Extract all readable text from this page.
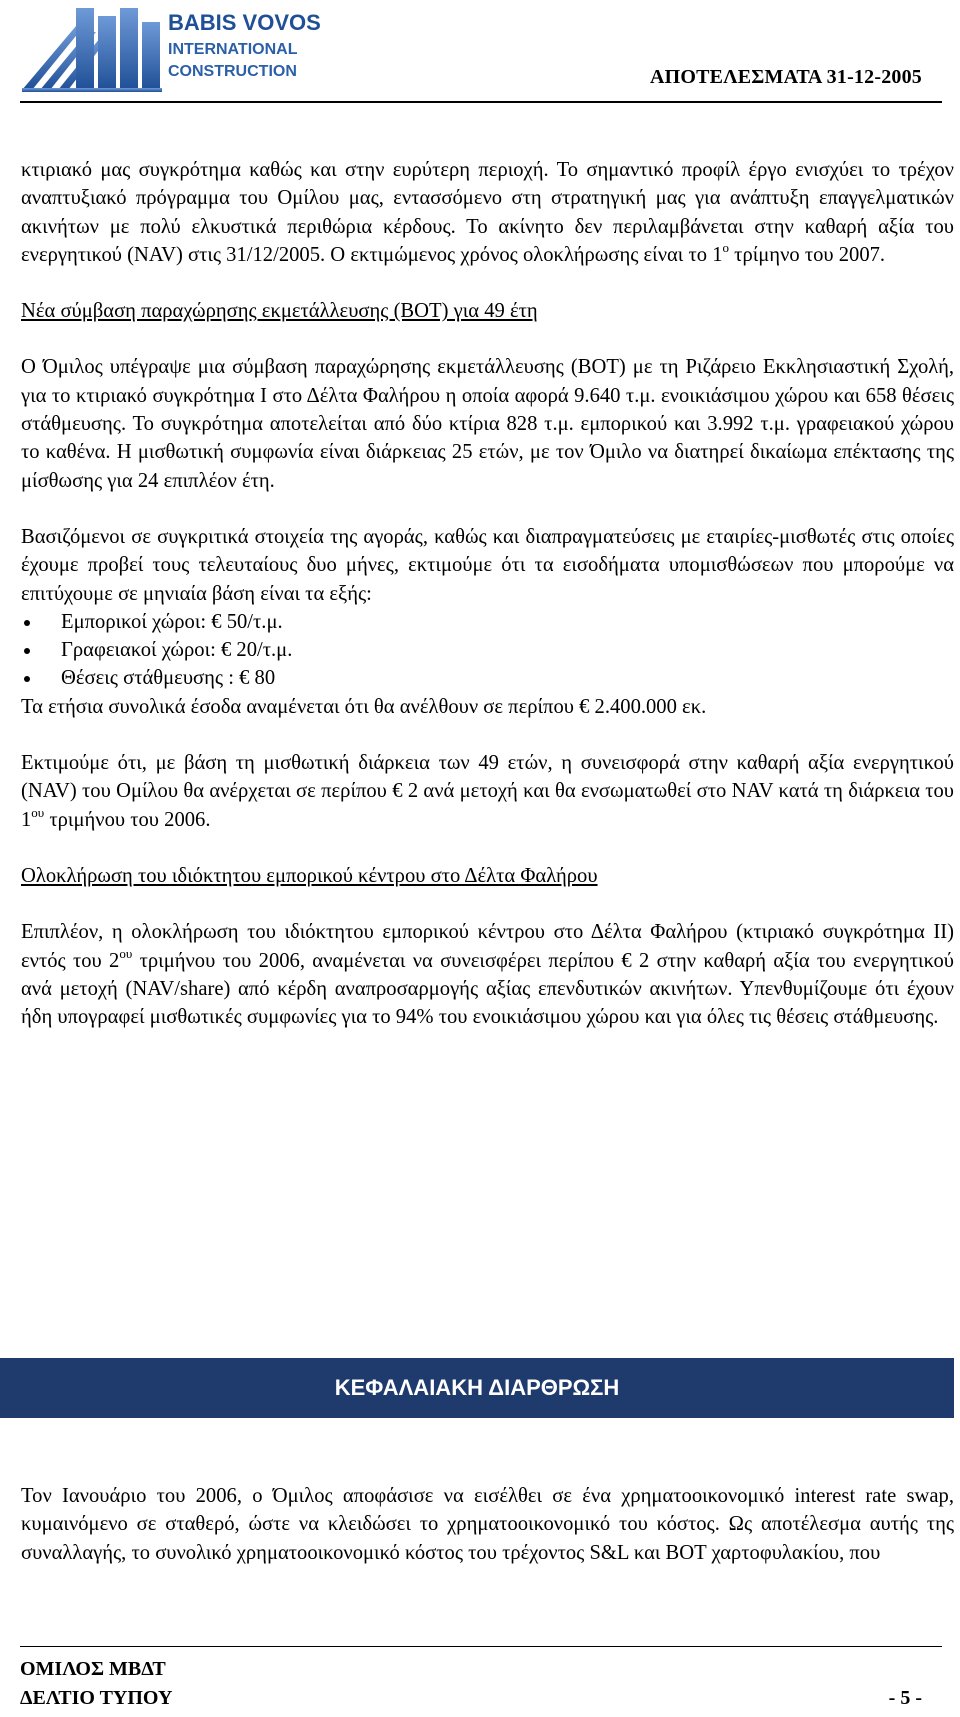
BABIS VOVOS
INTERNATIONAL
CONSTRUCTION	ΑΠΟΤΕΛΕΣΜΑΤΑ 31-12-2005

κτιριακό μας συγκρότημα καθώς και στην ευρύτερη περιοχή. Το σημαντικό προφίλ έργο ενισχύει το τρέχον αναπτυξιακό πρόγραμμα του Ομίλου μας, εντασσόμενο στη στρατηγική μας για ανάπτυξη επαγγελματικών ακινήτων με πολύ ελκυστικά περιθώρια κέρδους. Το ακίνητο δεν περιλαμβάνεται στην καθαρή αξία του ενεργητικού (NAV) στις 31/12/2005. Ο εκτιμώμενος χρόνος ολοκλήρωσης είναι το $1^o$ τρίμηνο του 2007.

Νέα σύμβαση παραχώρησης εκμετάλλευσης (BOT) για 49 έτη

Ο Όμιλος υπέγραψε μια σύμβαση παραχώρησης εκμετάλλευσης (BOT) με τη Ριζάρειο Εκκλησιαστική Σχολή, για το κτιριακό συγκρότημα Ι στο Δέλτα Φαλήρου η οποία αφορά 9.640 τ.μ. ενοικιάσιμου χώρου και 658 θέσεις στάθμευσης. Το συγκρότημα αποτελείται από δύο κτίρια 828 τ.μ. εμπορικού και 3.992 τ.μ. γραφειακού χώρου το καθένα. Η μισθωτική συμφωνία είναι διάρκειας 25 ετών, με τον Όμιλο να διατηρεί δικαίωμα επέκτασης της μίσθωσης για 24 επιπλέον έτη.

Βασιζόμενοι σε συγκριτικά στοιχεία της αγοράς, καθώς και διαπραγματεύσεις με εταιρίες-μισθωτές στις οποίες έχουμε προβεί τους τελευταίους δυο μήνες, εκτιμούμε ότι τα εισοδήματα υπομισθώσεων που μπορούμε να επιτύχουμε σε μηνιαία βάση είναι τα εξής:

Εμπορικοί χώροι: € 50/τ.μ.
Γραφειακοί χώροι: € 20/τ.μ.
Θέσεις στάθμευσης : € 80

Τα ετήσια συνολικά έσοδα αναμένεται ότι θα ανέλθουν σε περίπου € 2.400.000 εκ.

Εκτιμούμε ότι, με βάση τη μισθωτική διάρκεια των 49 ετών, η συνεισφορά στην καθαρή αξία ενεργητικού (NAV) του Ομίλου θα ανέρχεται σε περίπου € 2 ανά μετοχή και θα ενσωματωθεί στο NAV κατά τη διάρκεια του $1^{o\upsilon}$ τριμήνου του 2006.

Ολοκλήρωση του ιδιόκτητου εμπορικού κέντρου στο Δέλτα Φαλήρου

Επιπλέον, η ολοκλήρωση του ιδιόκτητου εμπορικού κέντρου στο Δέλτα Φαλήρου (κτιριακό συγκρότημα ΙΙ) εντός του $2^{o\upsilon}$ τριμήνου του 2006, αναμένεται να συνεισφέρει περίπου € 2 στην καθαρή αξία του ενεργητικού ανά μετοχή (NAV/share) από κέρδη αναπροσαρμογής αξίας επενδυτικών ακινήτων. Υπενθυμίζουμε ότι έχουν ήδη υπογραφεί μισθωτικές συμφωνίες για το 94% του ενοικιάσιμου χώρου και για όλες τις θέσεις στάθμευσης.

ΚΕΦΑΛΑΙΑΚΗ ΔΙΑΡΘΡΩΣΗ

Τον Ιανουάριο του 2006, ο Όμιλος αποφάσισε να εισέλθει σε ένα χρηματοοικονομικό interest rate swap, κυμαινόμενο σε σταθερό, ώστε να κλειδώσει το χρηματοοικονομικό του κόστος. Ως αποτέλεσμα αυτής της συναλλαγής, το συνολικό χρηματοοικονομικό κόστος του τρέχοντος S&L και BOT χαρτοφυλακίου, που

ΟΜΙΛΟΣ ΜΒΔΤ
ΔΕΛΤΙΟ ΤΥΠΟΥ	- 5 -
